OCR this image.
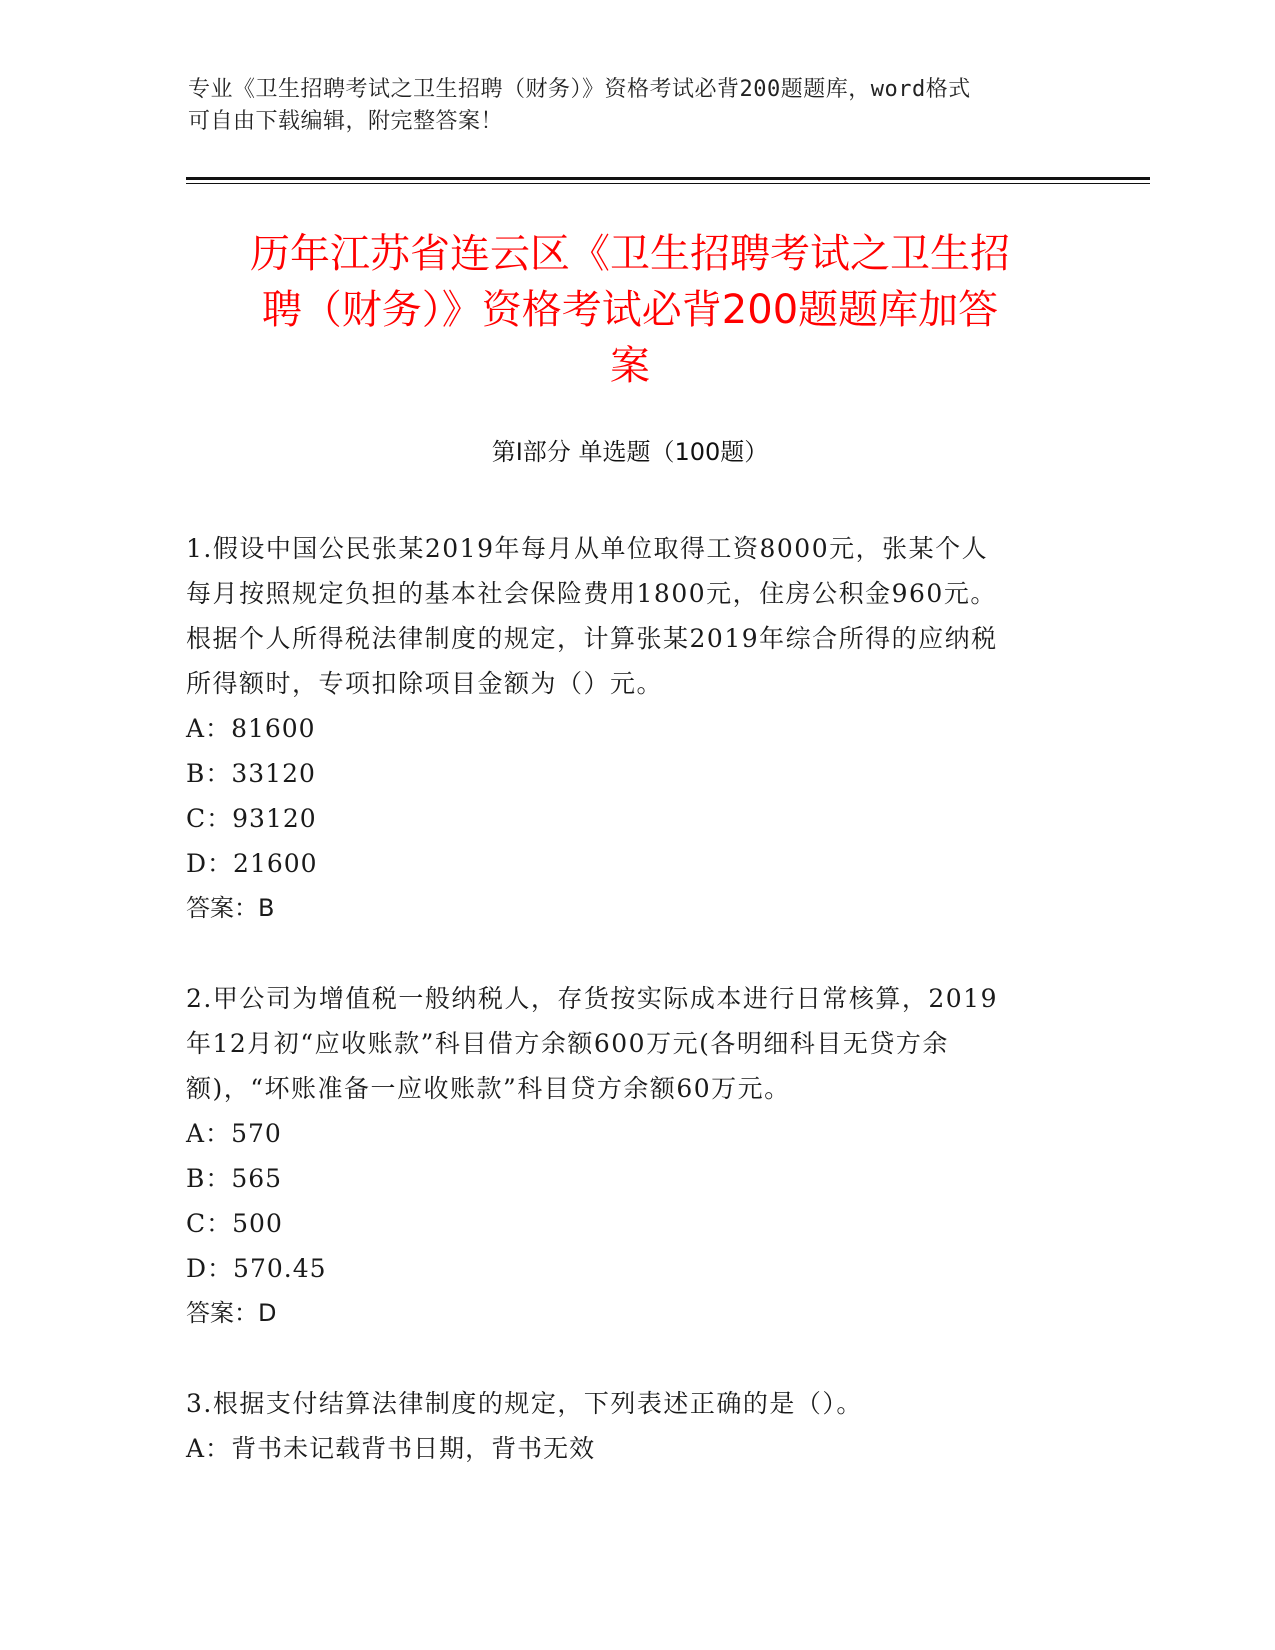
专业《卫生招聘考试之卫生招聘（财务）》资格考试必背200题题库，word格式
可自由下载编辑，附完整答案！
历年江苏省连云区《卫生招聘考试之卫生招
聘（财务）》资格考试必背200题题库加答
案
第Ⅰ部分 单选题（100题）
1.假设中国公民张某2019年每月从单位取得工资8000元，张某个人
每月按照规定负担的基本社会保险费用1800元，住房公积金960元。
根据个人所得税法律制度的规定，计算张某2019年综合所得的应纳税
所得额时，专项扣除项目金额为（）元。
A：81600
B：33120
C：93120
D：21600
答案：B
2.甲公司为增值税一般纳税人，存货按实际成本进行日常核算，2019
年12月初“应收账款”科目借方余额600万元(各明细科目无贷方余
额)，“坏账准备一应收账款”科目贷方余额60万元。
A：570
B：565
C：500
D：570.45
答案：D
3.根据支付结算法律制度的规定，下列表述正确的是（）。
A：背书未记载背书日期，背书无效
